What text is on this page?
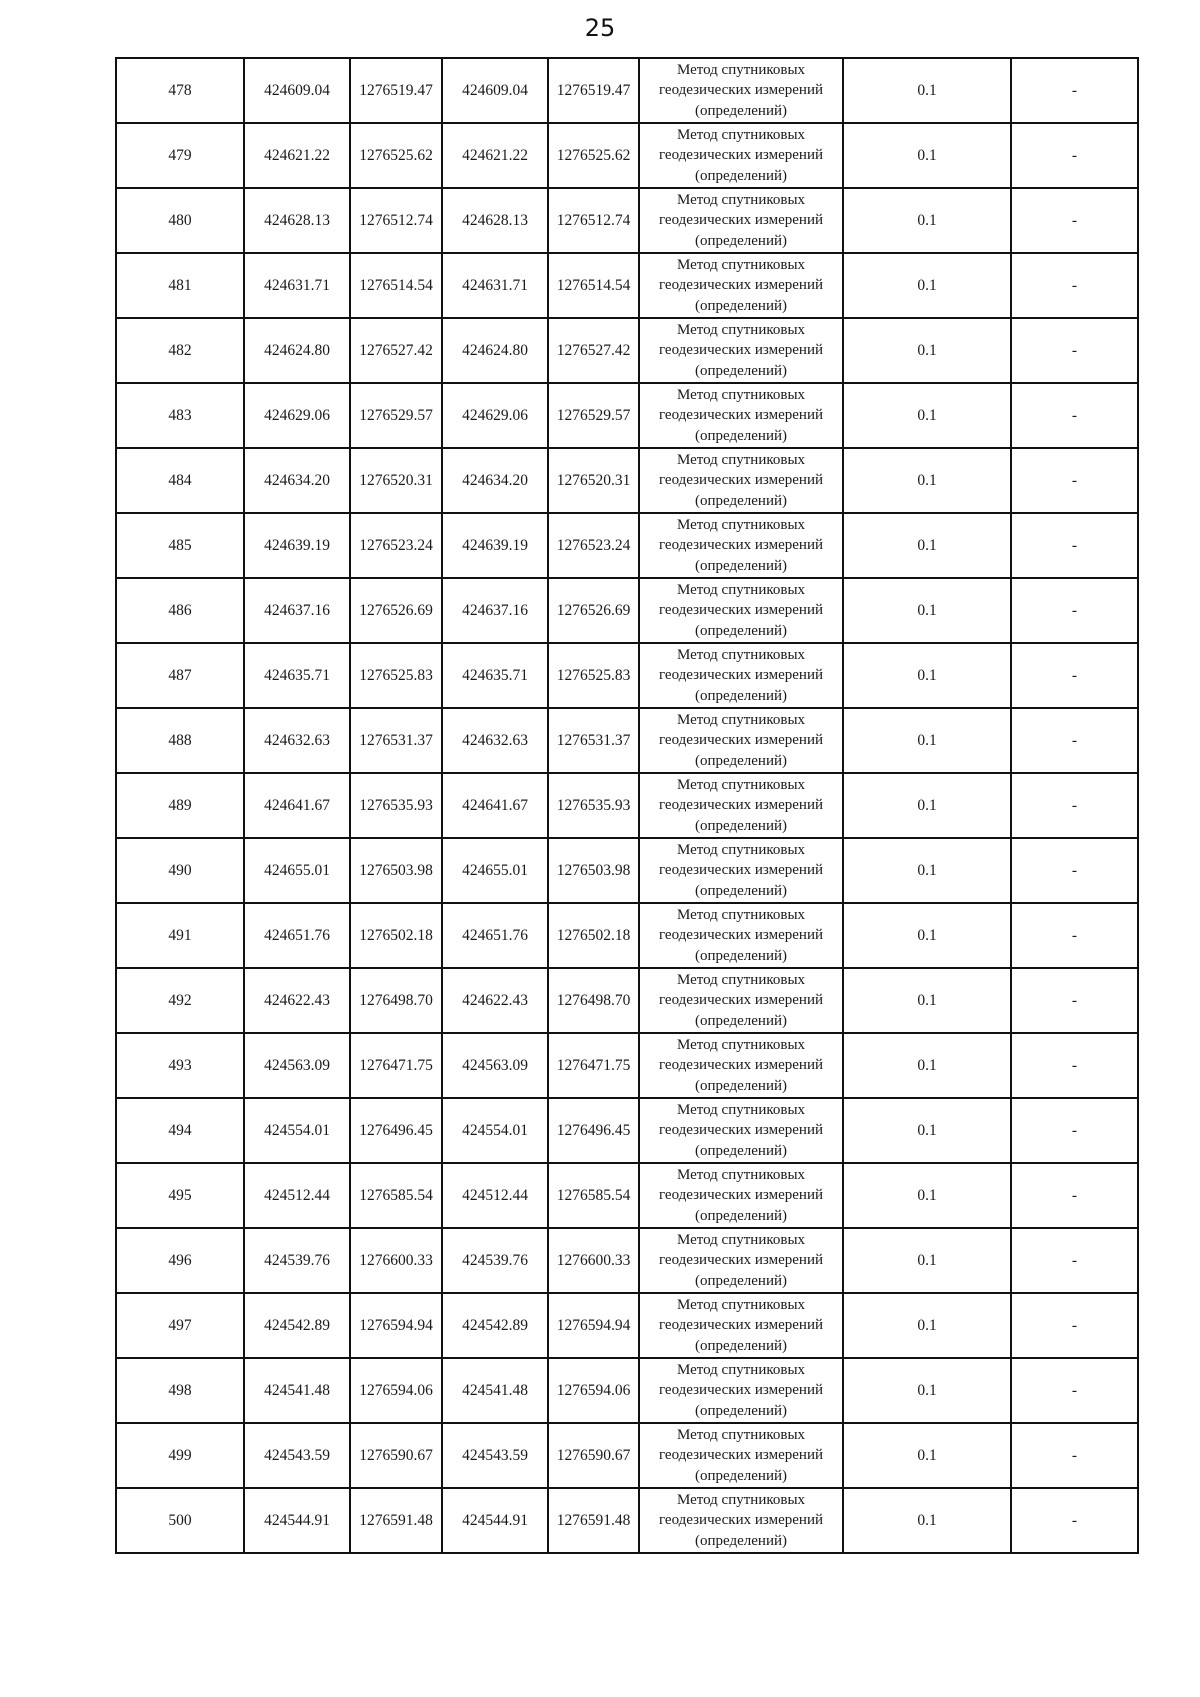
25
478	424609.04	1276519.47	424609.04	1276519.47	Метод спутниковых геодезических измерений (определений)	0.1	-
479	424621.22	1276525.62	424621.22	1276525.62	Метод спутниковых геодезических измерений (определений)	0.1	-
480	424628.13	1276512.74	424628.13	1276512.74	Метод спутниковых геодезических измерений (определений)	0.1	-
481	424631.71	1276514.54	424631.71	1276514.54	Метод спутниковых геодезических измерений (определений)	0.1	-
482	424624.80	1276527.42	424624.80	1276527.42	Метод спутниковых геодезических измерений (определений)	0.1	-
483	424629.06	1276529.57	424629.06	1276529.57	Метод спутниковых геодезических измерений (определений)	0.1	-
484	424634.20	1276520.31	424634.20	1276520.31	Метод спутниковых геодезических измерений (определений)	0.1	-
485	424639.19	1276523.24	424639.19	1276523.24	Метод спутниковых геодезических измерений (определений)	0.1	-
486	424637.16	1276526.69	424637.16	1276526.69	Метод спутниковых геодезических измерений (определений)	0.1	-
487	424635.71	1276525.83	424635.71	1276525.83	Метод спутниковых геодезических измерений (определений)	0.1	-
488	424632.63	1276531.37	424632.63	1276531.37	Метод спутниковых геодезических измерений (определений)	0.1	-
489	424641.67	1276535.93	424641.67	1276535.93	Метод спутниковых геодезических измерений (определений)	0.1	-
490	424655.01	1276503.98	424655.01	1276503.98	Метод спутниковых геодезических измерений (определений)	0.1	-
491	424651.76	1276502.18	424651.76	1276502.18	Метод спутниковых геодезических измерений (определений)	0.1	-
492	424622.43	1276498.70	424622.43	1276498.70	Метод спутниковых геодезических измерений (определений)	0.1	-
493	424563.09	1276471.75	424563.09	1276471.75	Метод спутниковых геодезических измерений (определений)	0.1	-
494	424554.01	1276496.45	424554.01	1276496.45	Метод спутниковых геодезических измерений (определений)	0.1	-
495	424512.44	1276585.54	424512.44	1276585.54	Метод спутниковых геодезических измерений (определений)	0.1	-
496	424539.76	1276600.33	424539.76	1276600.33	Метод спутниковых геодезических измерений (определений)	0.1	-
497	424542.89	1276594.94	424542.89	1276594.94	Метод спутниковых геодезических измерений (определений)	0.1	-
498	424541.48	1276594.06	424541.48	1276594.06	Метод спутниковых геодезических измерений (определений)	0.1	-
499	424543.59	1276590.67	424543.59	1276590.67	Метод спутниковых геодезических измерений (определений)	0.1	-
500	424544.91	1276591.48	424544.91	1276591.48	Метод спутниковых геодезических измерений (определений)	0.1	-
